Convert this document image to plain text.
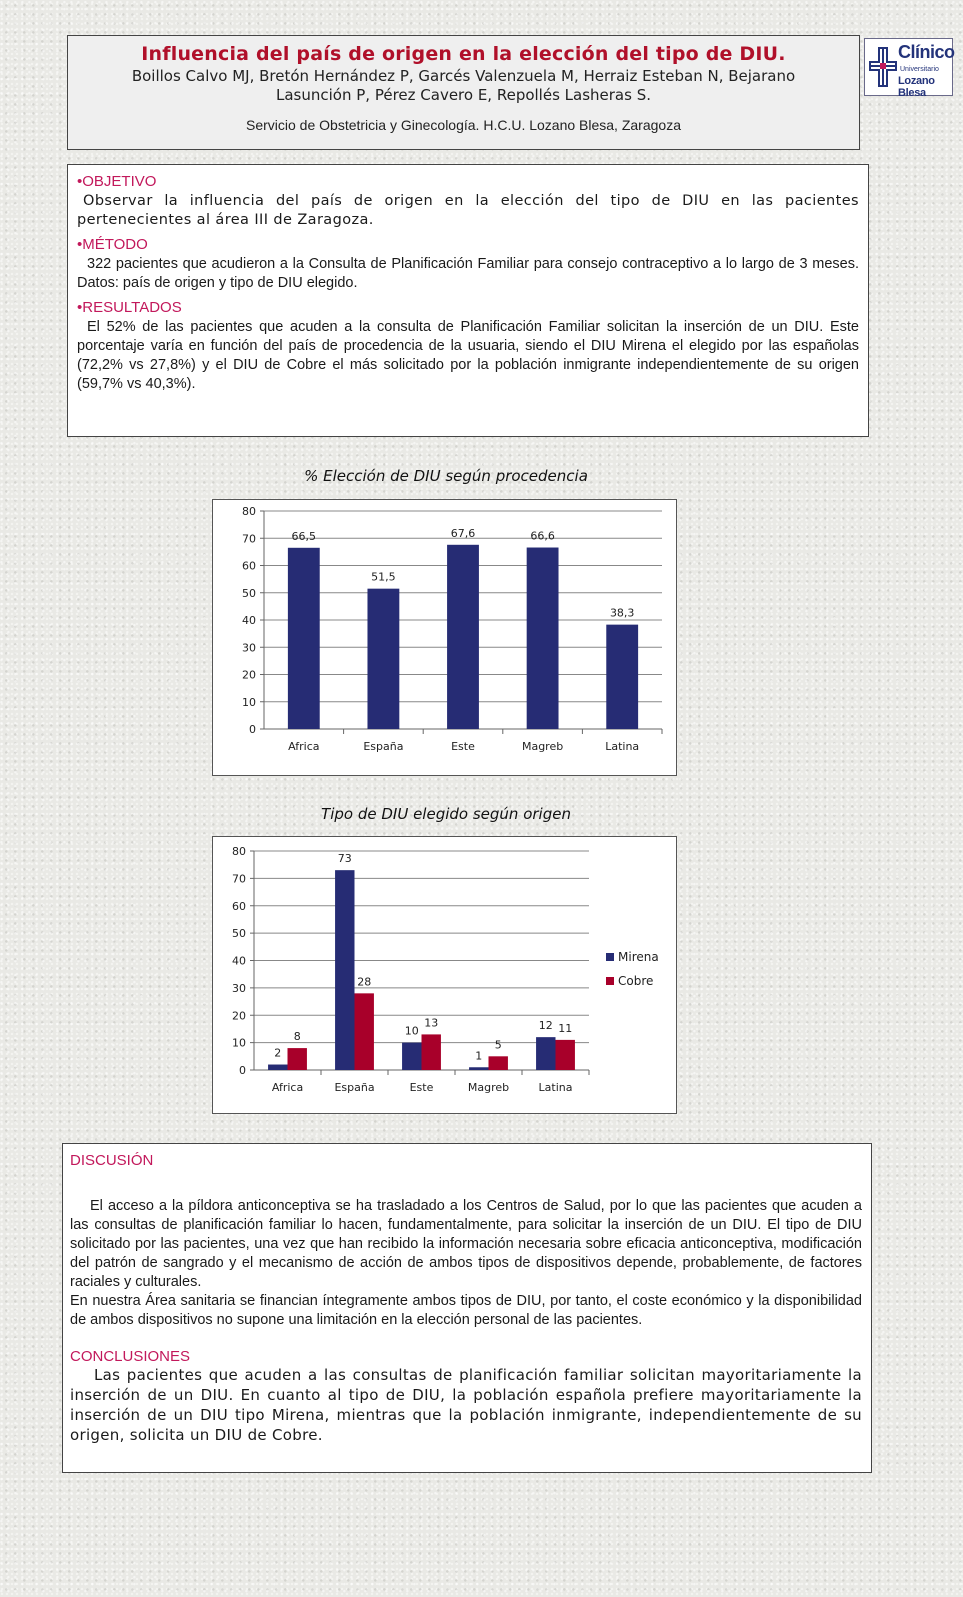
Influencia del país de origen en la elección del tipo de DIU.
Boillos Calvo MJ, Bretón Hernández P, Garcés Valenzuela M, Herraiz Esteban N, Bejarano Lasunción P, Pérez Cavero E, Repollés Lasheras S.
Servicio de Obstetricia y Ginecología. H.C.U. Lozano Blesa, Zaragoza
Clínico
Universitario
Lozano Blesa
•OBJETIVO

Observar la influencia del país de origen en la elección del tipo de DIU en las pacientes pertenecientes al área III de Zaragoza.

•MÉTODO

322 pacientes que acudieron a la Consulta de Planificación Familiar para consejo contraceptivo a lo largo de 3 meses. Datos: país de origen y tipo de DIU elegido.

•RESULTADOS

El 52% de las pacientes que acuden a la consulta de Planificación Familiar solicitan la inserción de un DIU. Este porcentaje varía en función del país de procedencia de la usuaria, siendo el DIU Mirena el elegido por las españolas (72,2% vs 27,8%) y el DIU de Cobre el más solicitado por la población inmigrante independientemente de su origen (59,7% vs 40,3%).

% Elección de DIU según procedencia
0
10
20
30
40
50
60
70
80
Africa
66,5
España
51,5
Este
67,6
Magreb
66,6
Latina
38,3
Tipo de DIU elegido según origen
0
10
20
30
40
50
60
70
80
Africa
2
8
España
73
28
Este
10
13
Magreb
1
5
Latina
12 11
Mirena
Cobre
DISCUSIÓN

El acceso a la píldora anticonceptiva se ha trasladado a los Centros de Salud, por lo que las pacientes que acuden a las consultas de planificación familiar lo hacen, fundamentalmente, para solicitar la inserción de un DIU. El tipo de DIU solicitado por las pacientes, una vez que han recibido la información necesaria sobre eficacia anticonceptiva, modificación del patrón de sangrado y el mecanismo de acción de ambos tipos de dispositivos depende, probablemente, de factores raciales y culturales.

En nuestra Área sanitaria se financian íntegramente ambos tipos de DIU, por tanto, el coste económico y la disponibilidad de ambos dispositivos no supone una limitación en la elección personal de las pacientes.

CONCLUSIONES

Las pacientes que acuden a las consultas de planificación familiar solicitan mayoritariamente la inserción de un DIU. En cuanto al tipo de DIU, la población española prefiere mayoritariamente la inserción de un DIU tipo Mirena, mientras que la población inmigrante, independientemente de su origen, solicita un DIU de Cobre.
